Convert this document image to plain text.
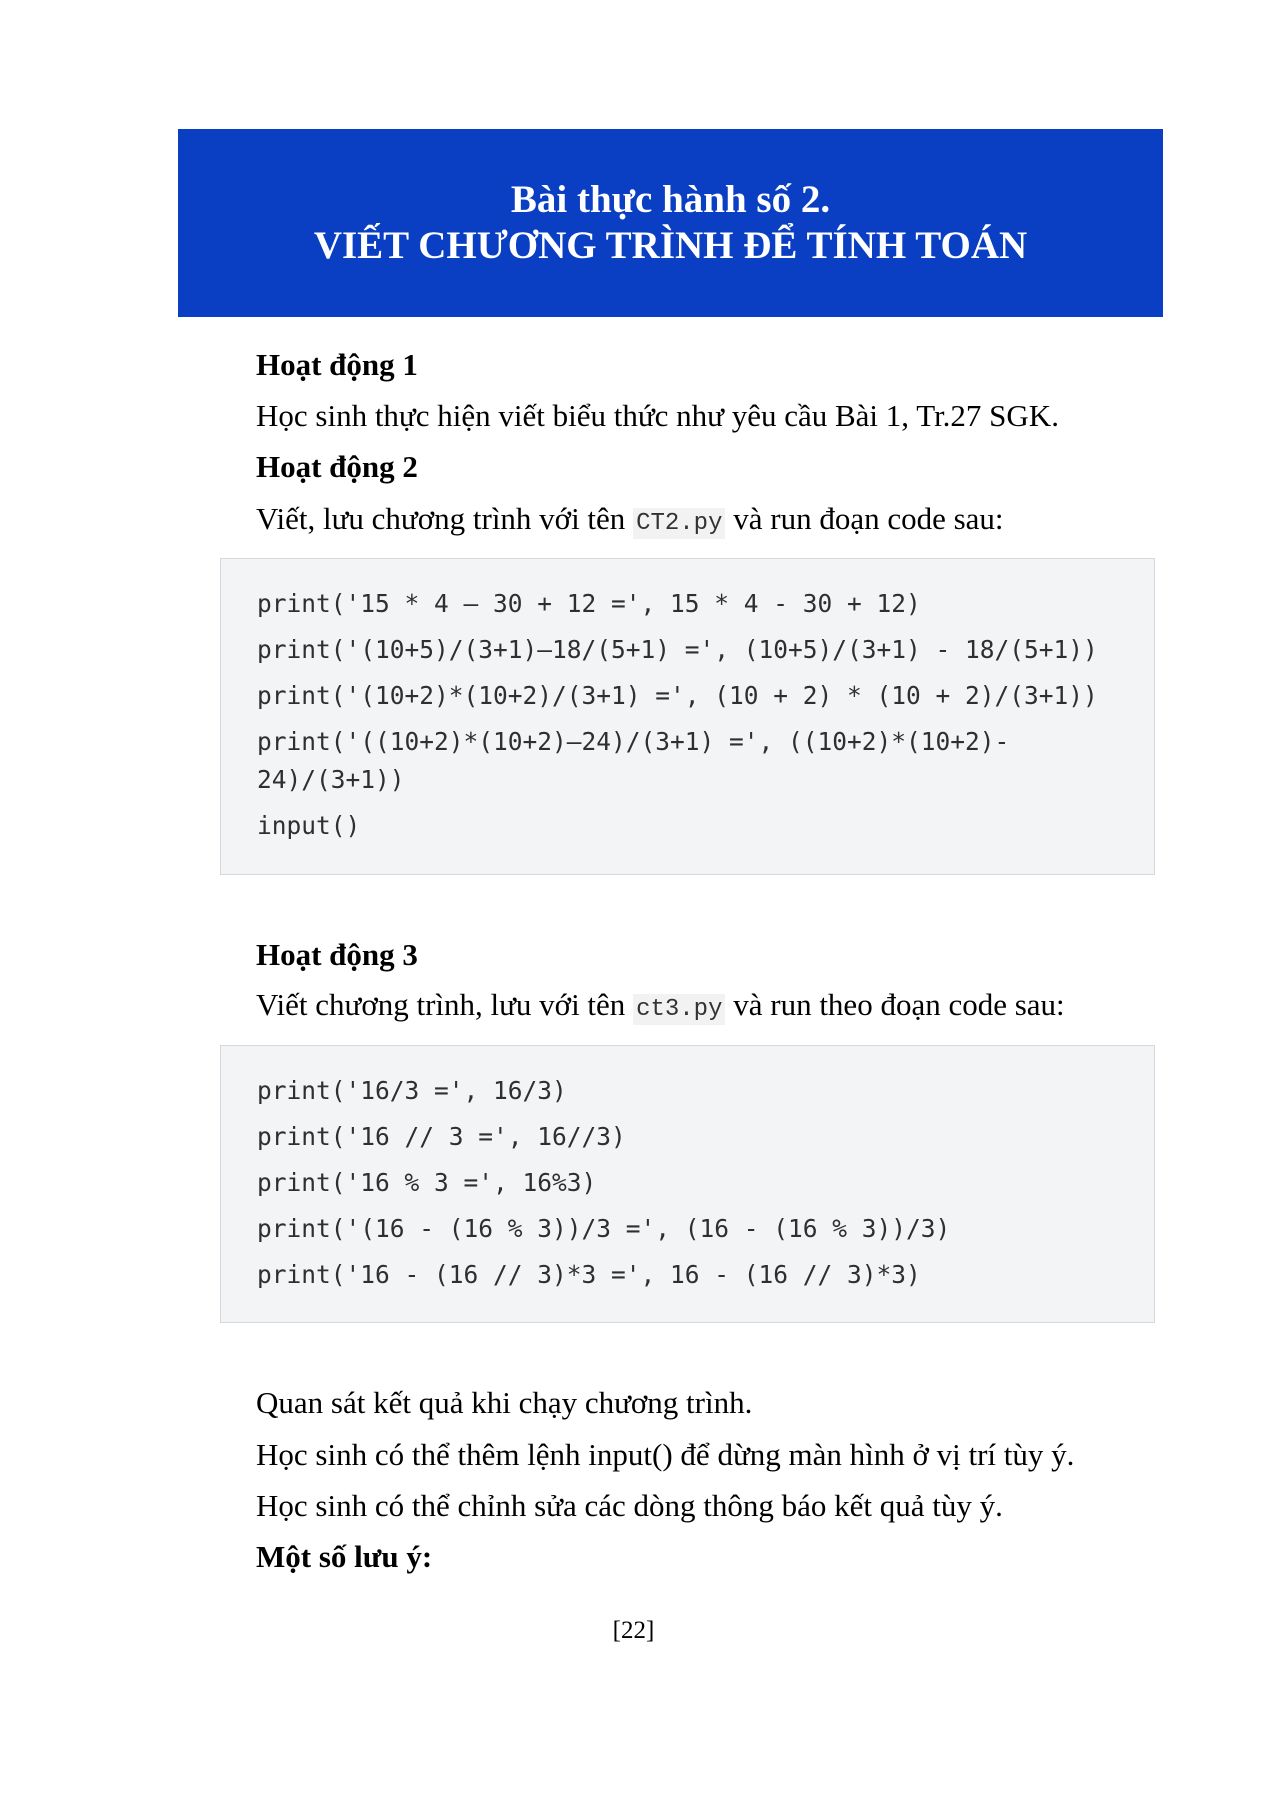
Bài thực hành số 2.
VIẾT CHƯƠNG TRÌNH ĐỂ TÍNH TOÁN
Hoạt động 1
Học sinh thực hiện viết biểu thức như yêu cầu Bài 1, Tr.27 SGK.
Hoạt động 2
Viết, lưu chương trình với tên CT2.py và run đoạn code sau:
print('15 * 4 – 30 + 12 =', 15 * 4 - 30 + 12)
print('(10+5)/(3+1)–18/(5+1) =', (10+5)/(3+1) - 18/(5+1))
print('(10+2)*(10+2)/(3+1) =', (10 + 2) * (10 + 2)/(3+1))
print('((10+2)*(10+2)–24)/(3+1) =', ((10+2)*(10+2)-
24)/(3+1))
input()
Hoạt động 3
Viết chương trình, lưu với tên ct3.py và run theo đoạn code sau:
print('16/3 =', 16/3)
print('16 // 3 =', 16//3)
print('16 % 3 =', 16%3)
print('(16 - (16 % 3))/3 =', (16 - (16 % 3))/3)
print('16 - (16 // 3)*3 =', 16 - (16 // 3)*3)
Quan sát kết quả khi chạy chương trình.
Học sinh có thể thêm lệnh input() để dừng màn hình ở vị trí tùy ý.
Học sinh có thể chỉnh sửa các dòng thông báo kết quả tùy ý.
Một số lưu ý:
[22]
